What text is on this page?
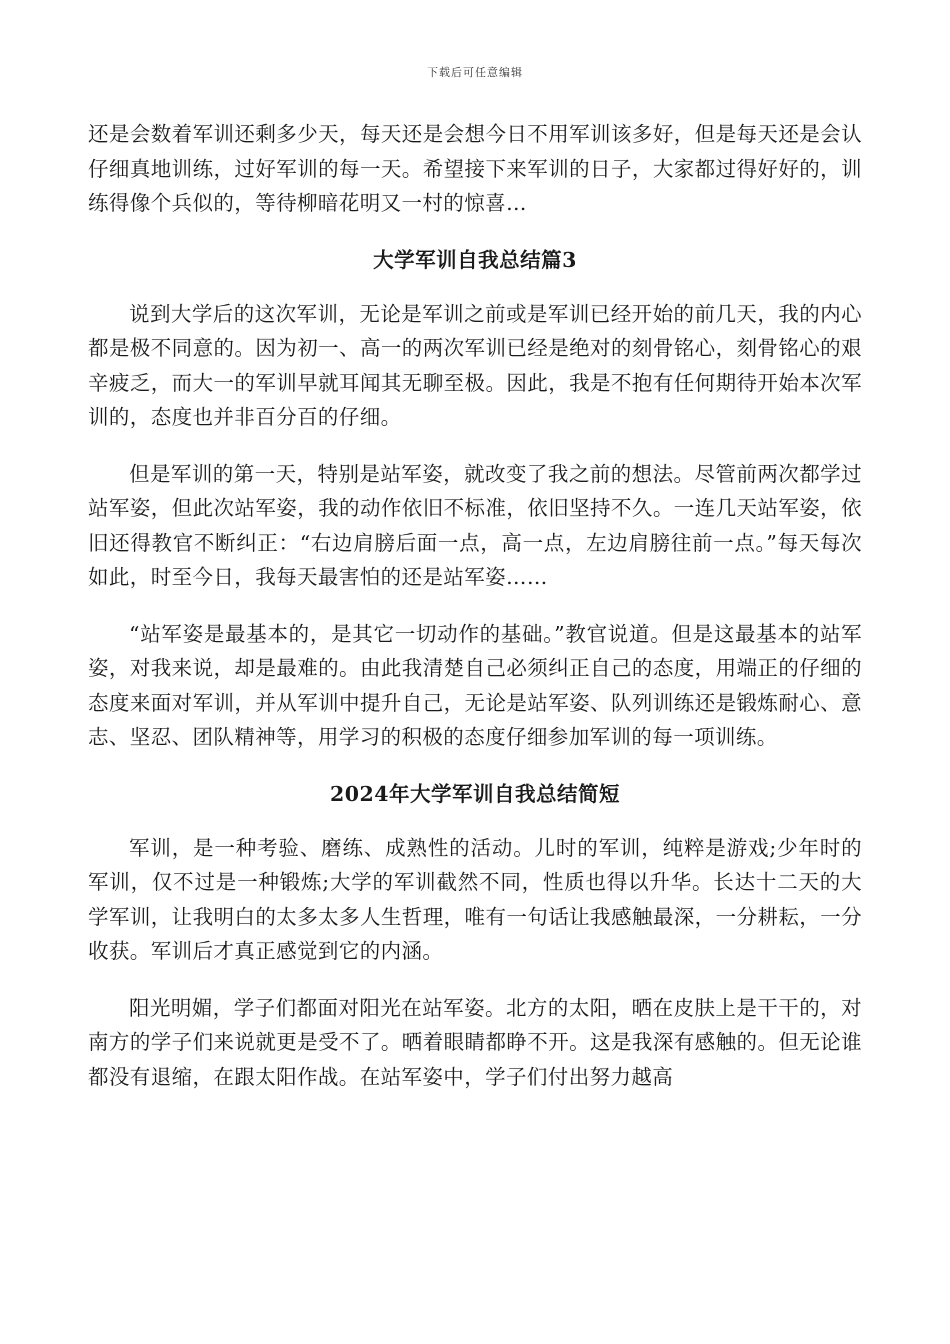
下载后可任意编辑

还是会数着军训还剩多少天，每天还是会想今日不用军训该多好，但是每天还是会认仔细真地训练，过好军训的每一天。希望接下来军训的日子，大家都过得好好的，训练得像个兵似的，等待柳暗花明又一村的惊喜…

大学军训自我总结篇3

说到大学后的这次军训，无论是军训之前或是军训已经开始的前几天，我的内心都是极不同意的。因为初一、高一的两次军训已经是绝对的刻骨铭心，刻骨铭心的艰辛疲乏，而大一的军训早就耳闻其无聊至极。因此，我是不抱有任何期待开始本次军训的，态度也并非百分百的仔细。

但是军训的第一天，特别是站军姿，就改变了我之前的想法。尽管前两次都学过站军姿，但此次站军姿，我的动作依旧不标准，依旧坚持不久。一连几天站军姿，依旧还得教官不断纠正：“右边肩膀后面一点，高一点，左边肩膀往前一点。”每天每次如此，时至今日，我每天最害怕的还是站军姿……

“站军姿是最基本的，是其它一切动作的基础。”教官说道。但是这最基本的站军姿，对我来说，却是最难的。由此我清楚自己必须纠正自己的态度，用端正的仔细的态度来面对军训，并从军训中提升自己，无论是站军姿、队列训练还是锻炼耐心、意志、坚忍、团队精神等，用学习的积极的态度仔细参加军训的每一项训练。

2024年大学军训自我总结简短

军训，是一种考验、磨练、成熟性的活动。儿时的军训，纯粹是游戏;少年时的军训，仅不过是一种锻炼;大学的军训截然不同，性质也得以升华。长达十二天的大学军训，让我明白的太多太多人生哲理，唯有一句话让我感触最深，一分耕耘，一分收获。军训后才真正感觉到它的内涵。

阳光明媚，学子们都面对阳光在站军姿。北方的太阳，晒在皮肤上是干干的，对南方的学子们来说就更是受不了。晒着眼睛都睁不开。这是我深有感触的。但无论谁都没有退缩，在跟太阳作战。在站军姿中，学子们付出努力越高
